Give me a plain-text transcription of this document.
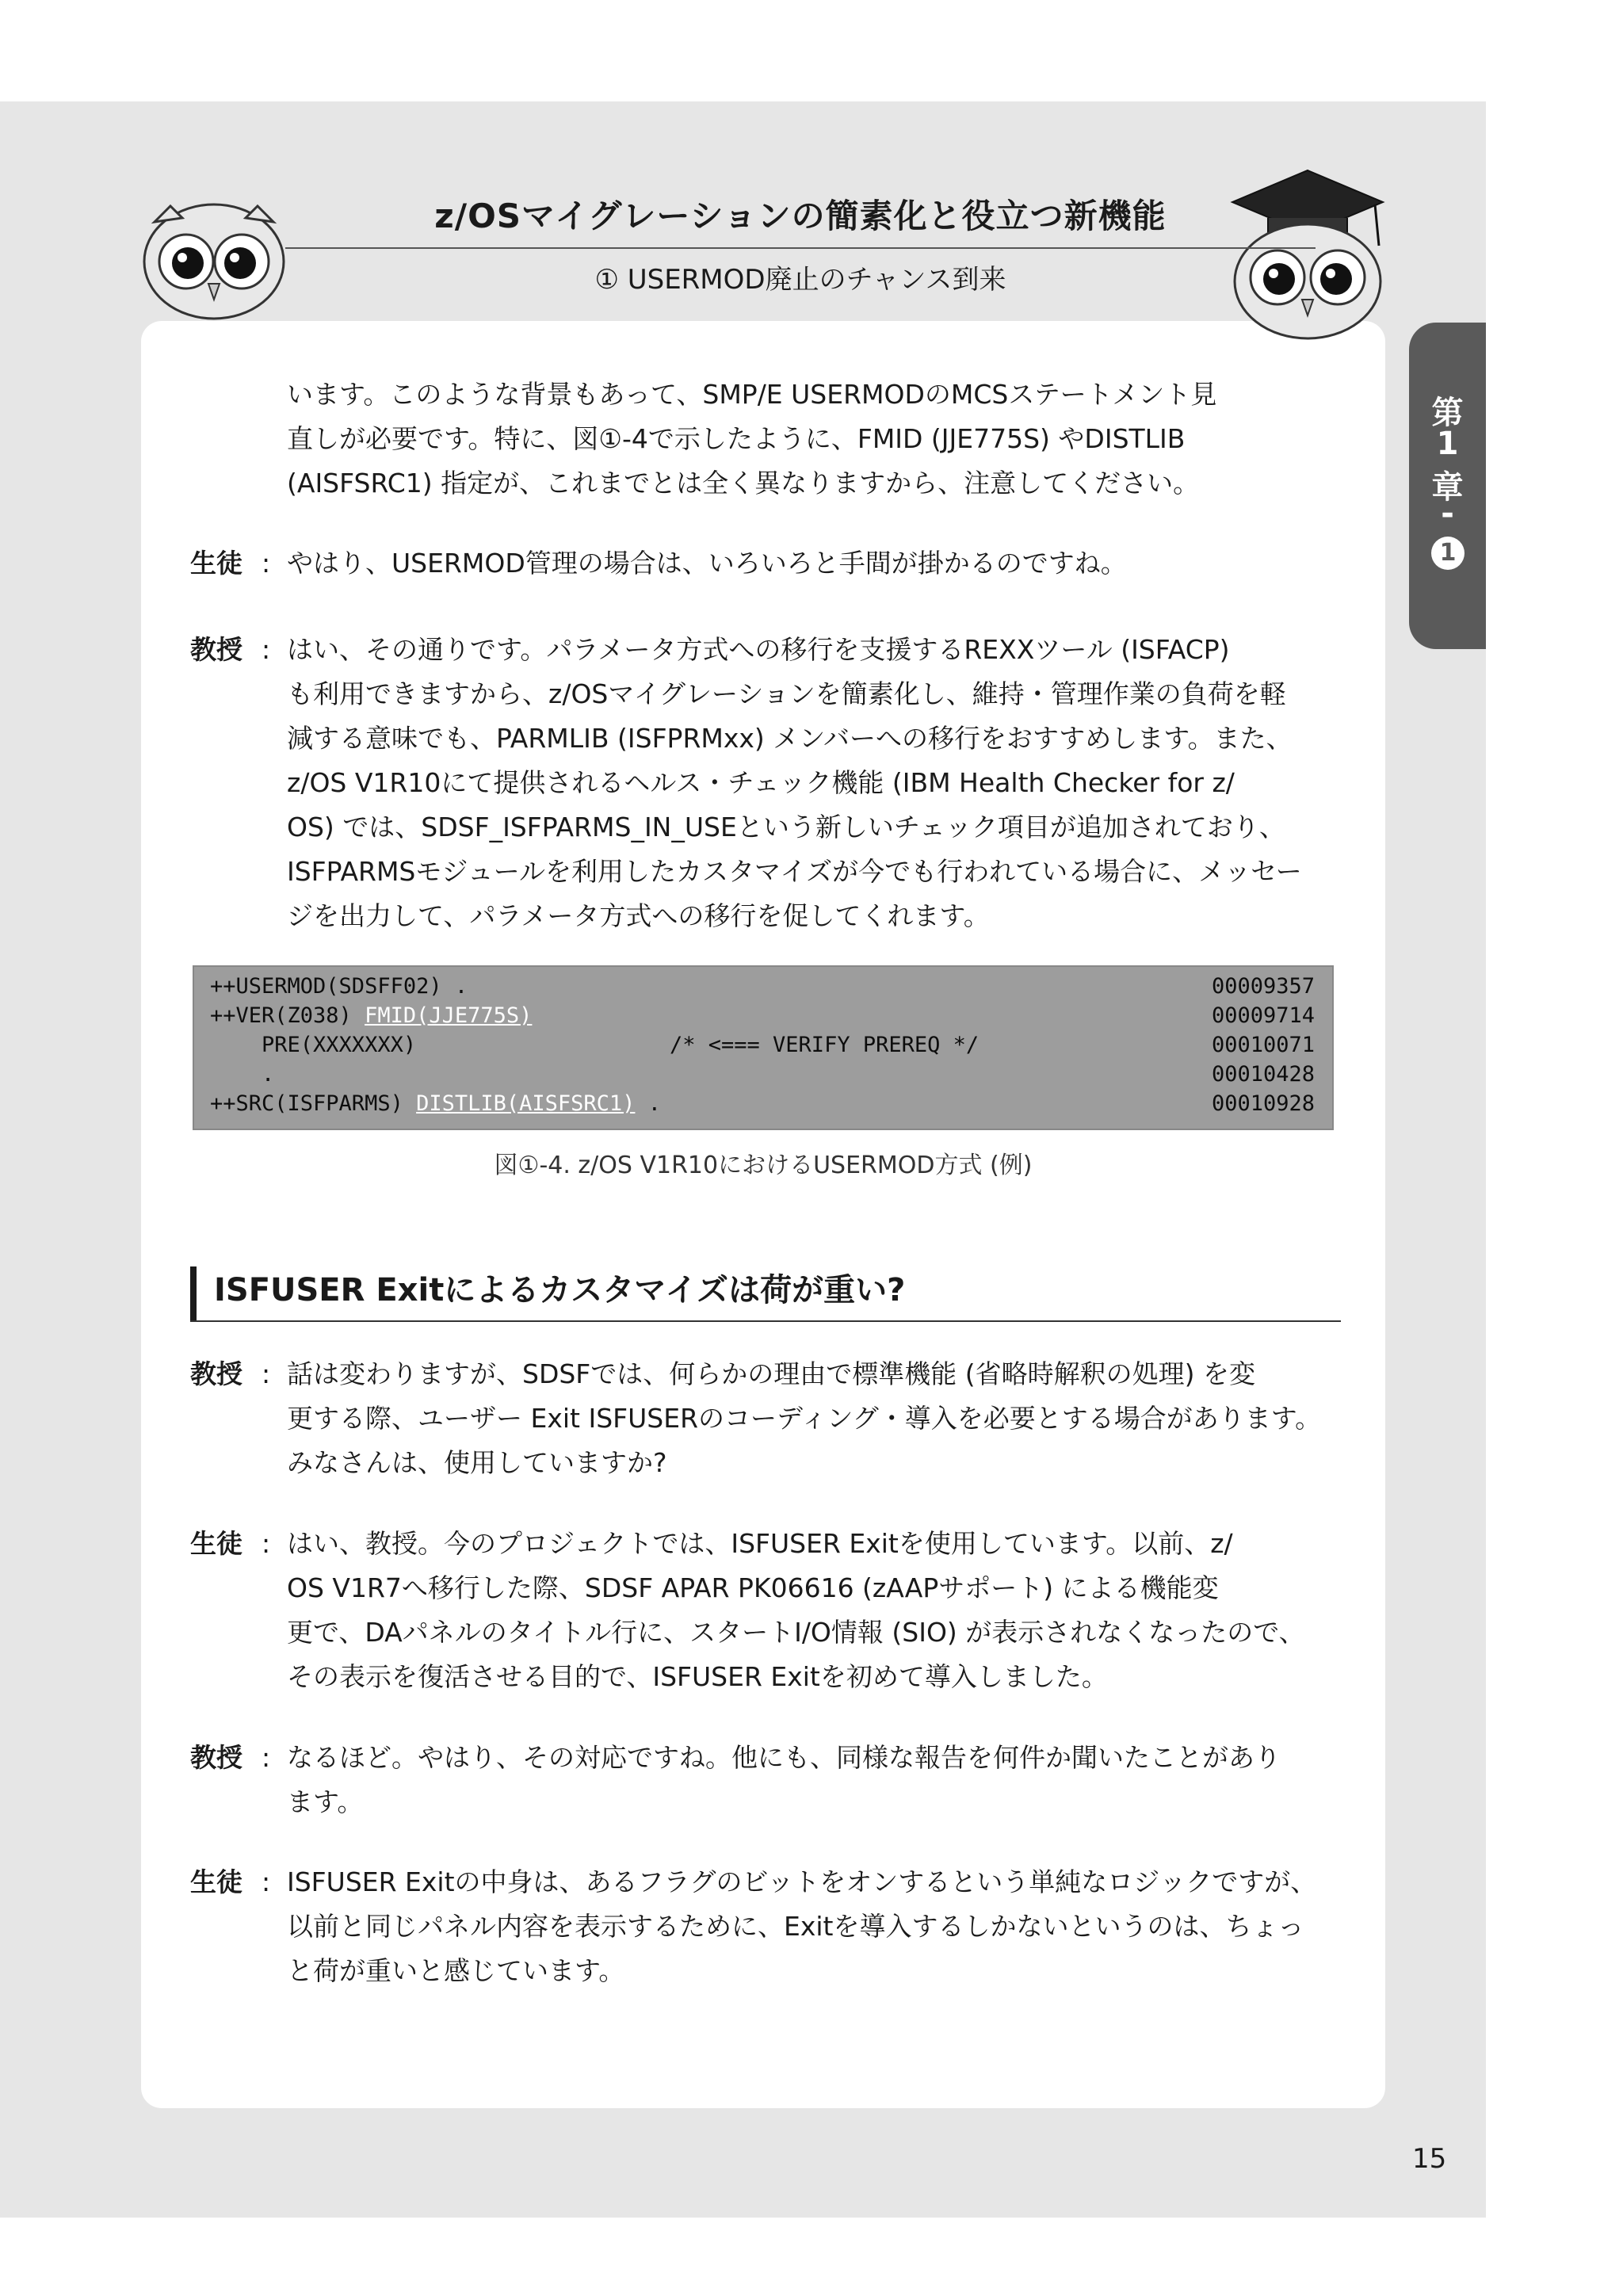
z/OSマイグレーションの簡素化と役立つ新機能
① USERMOD廃止のチャンス到来
第
1
章
-
1
います。このような背景もあって、SMP/E USERMODのMCSステートメント見
直しが必要です。特に、図①-4で示したように、FMID (JJE775S) やDISTLIB
(AISFSRC1) 指定が、これまでとは全く異なりますから、注意してください。
生徒 : やはり、USERMOD管理の場合は、いろいろと手間が掛かるのですね。
教授 : はい、その通りです。パラメータ方式への移行を支援するREXXツール (ISFACP)
も利用できますから、z/OSマイグレーションを簡素化し、維持・管理作業の負荷を軽
減する意味でも、PARMLIB (ISFPRMxx) メンバーへの移行をおすすめします。また、
z/OS V1R10にて提供されるヘルス・チェック機能 (IBM Health Checker for z/
OS) では、SDSF_ISFPARMS_IN_USEという新しいチェック項目が追加されており、
ISFPARMSモジュールを利用したカスタマイズが今でも行われている場合に、メッセー
ジを出力して、パラメータ方式への移行を促してくれます。
++USERMOD(SDSFF02) .
++VER(Z038) FMID(JJE775S)
PRE(XXXXXXX)	/* <=== VERIFY PREREQ */
.
++SRC(ISFPARMS) DISTLIB(AISFSRC1) .
00009357
00009714
00010071
00010428
00010928
図①-4. z/OS V1R10におけるUSERMOD方式 (例)
ISFUSER Exitによるカスタマイズは荷が重い?
教授 : 話は変わりますが、SDSFでは、何らかの理由で標準機能 (省略時解釈の処理) を変
更する際、ユーザー Exit ISFUSERのコーディング・導入を必要とする場合があります。
みなさんは、使用していますか?
生徒 : はい、教授。今のプロジェクトでは、ISFUSER Exitを使用しています。以前、z/
OS V1R7へ移行した際、SDSF APAR PK06616 (zAAPサポート) による機能変
更で、DAパネルのタイトル行に、スタートI/O情報 (SIO) が表示されなくなったので、
その表示を復活させる目的で、ISFUSER Exitを初めて導入しました。
教授 : なるほど。やはり、その対応ですね。他にも、同様な報告を何件か聞いたことがあり
ます。
生徒 : ISFUSER Exitの中身は、あるフラグのビットをオンするという単純なロジックですが、
以前と同じパネル内容を表示するために、Exitを導入するしかないというのは、ちょっ
と荷が重いと感じています。
15
